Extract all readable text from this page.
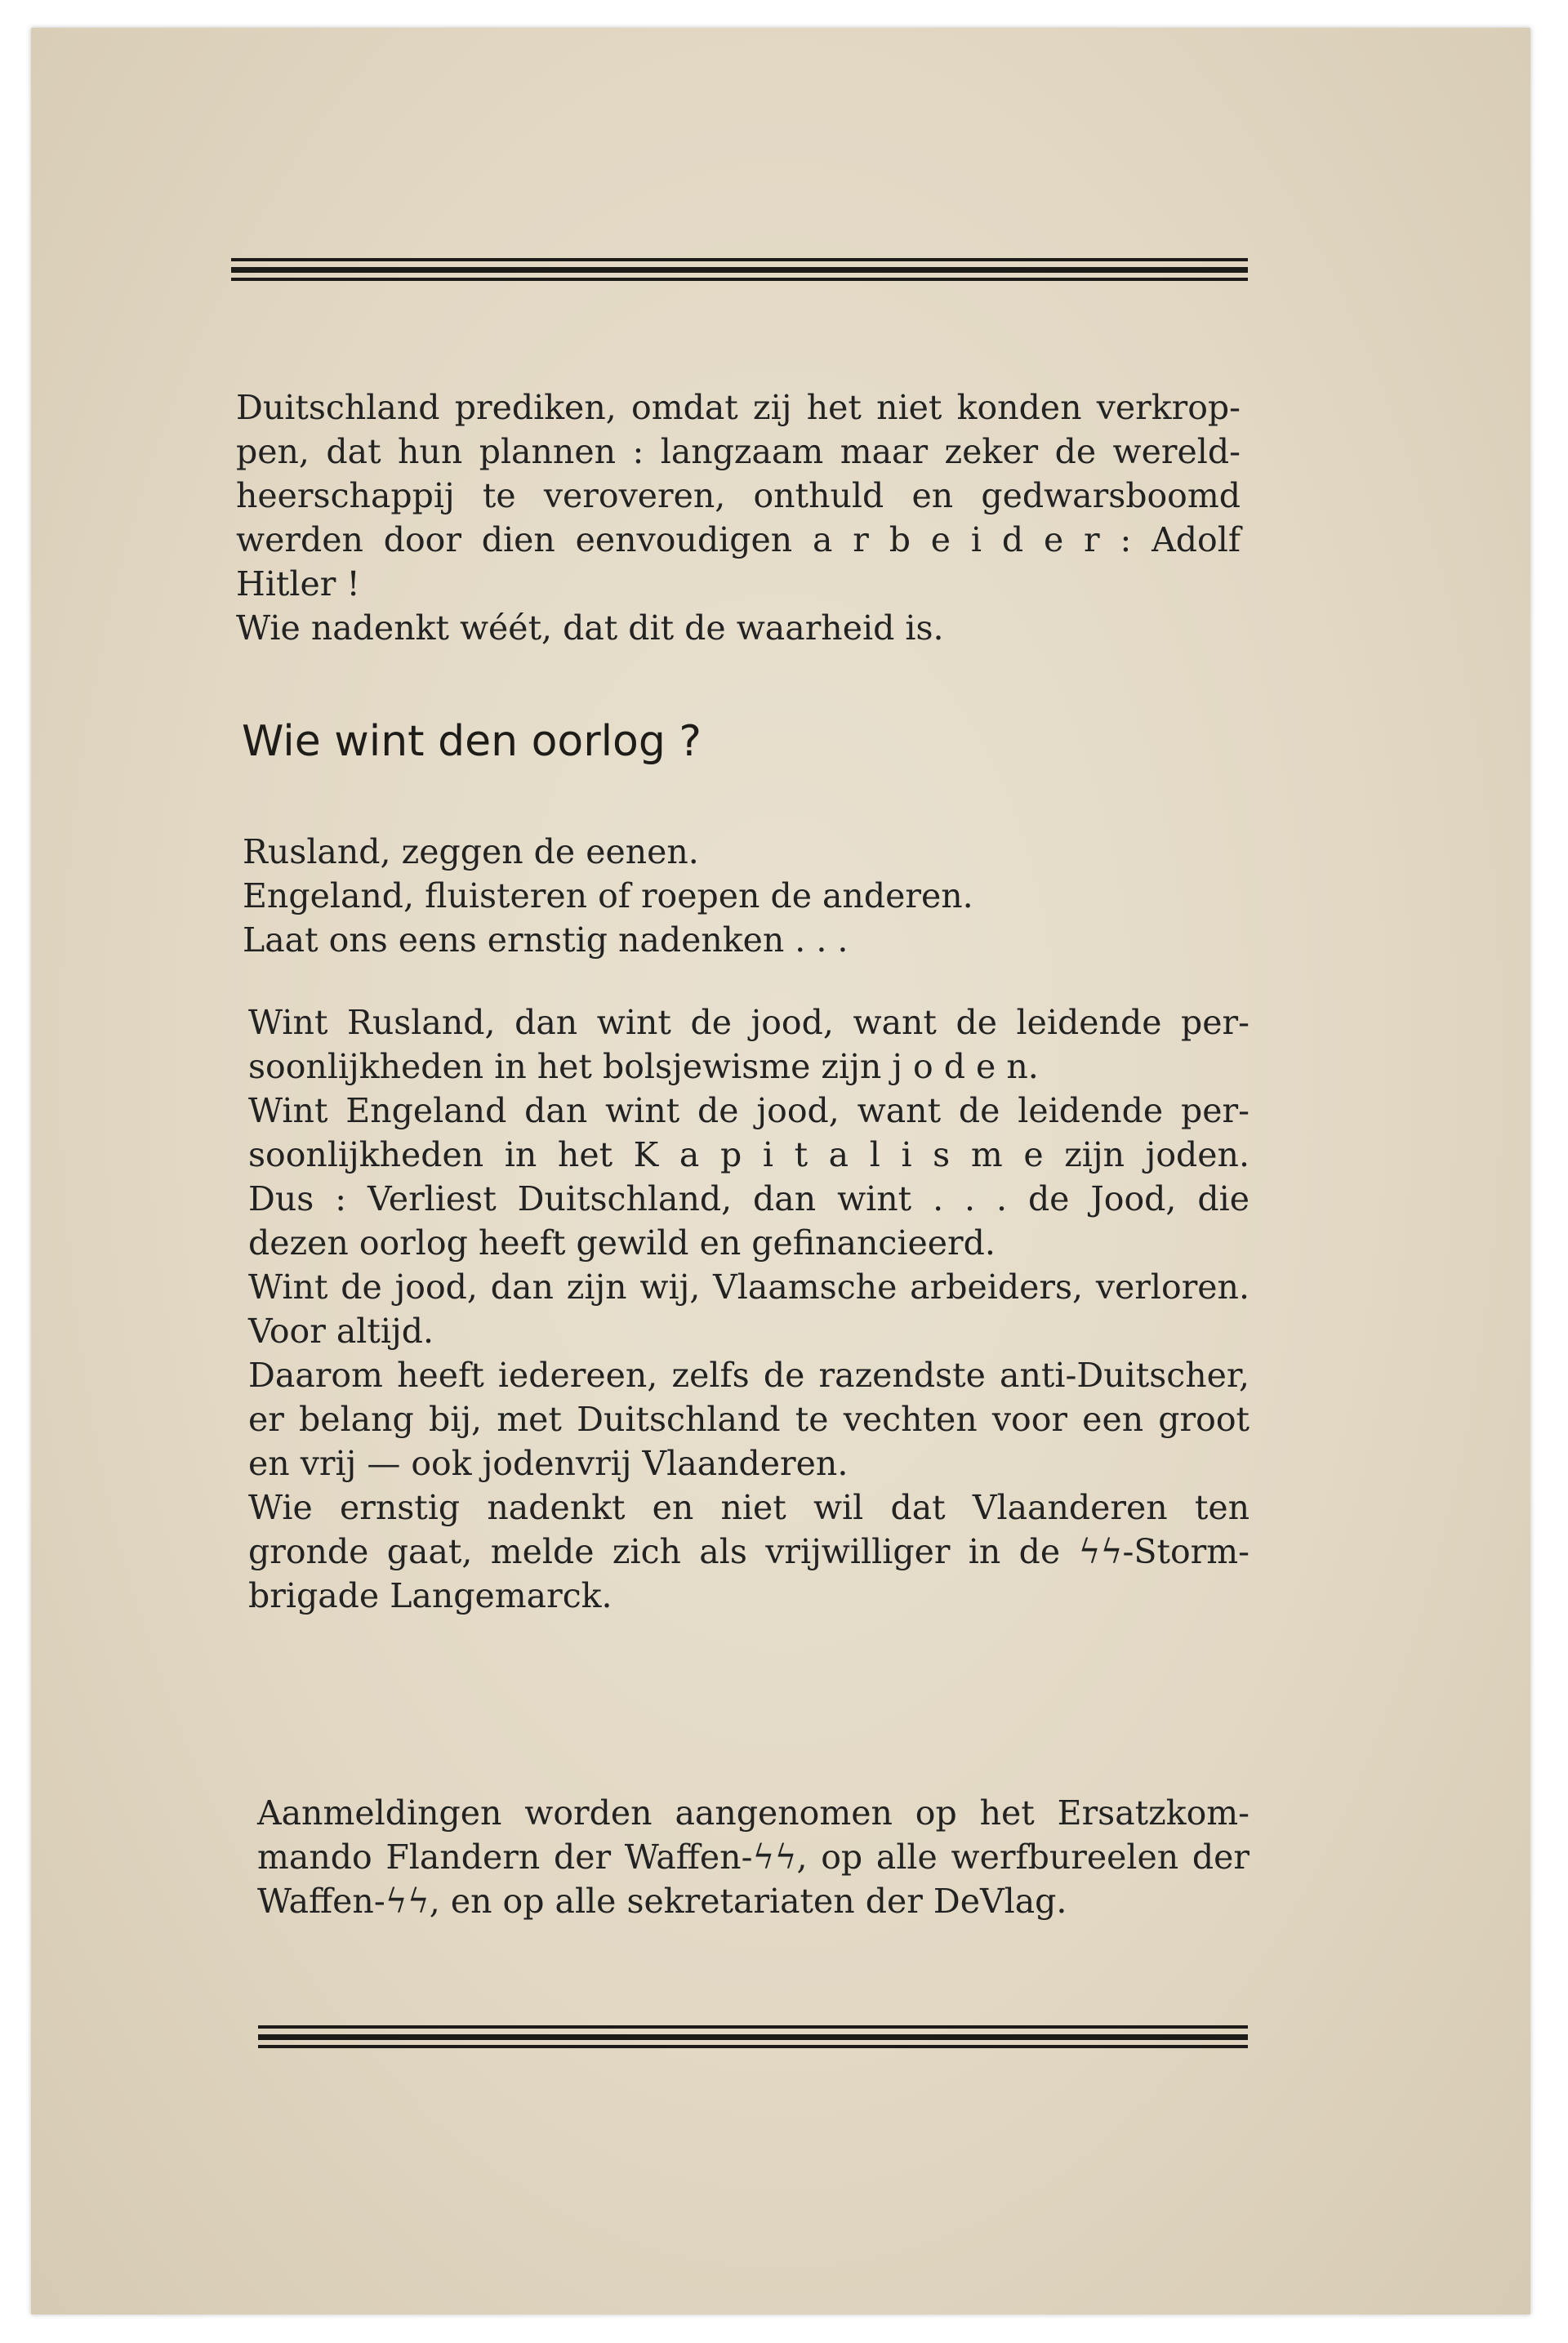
Duitschland prediken, omdat zij het niet konden verkrop-

pen, dat hun plannen : langzaam maar zeker de wereld-

heerschappij te veroveren, onthuld en gedwarsboomd

werden door dien eenvoudigen a r b e i d e r : Adolf

Hitler !

Wie nadenkt wéét, dat dit de waarheid is.

Wie wint den oorlog ?

Rusland, zeggen de eenen.

Engeland, fluisteren of roepen de anderen.

Laat ons eens ernstig nadenken . . .

Wint Rusland, dan wint de jood, want de leidende per-

soonlijkheden in het bolsjewisme zijn j o d e n.

Wint Engeland dan wint de jood, want de leidende per-

soonlijkheden in het K a p i t a l i s m e zijn joden.

Dus : Verliest Duitschland, dan wint . . . de Jood, die

dezen oorlog heeft gewild en gefinancieerd.

Wint de jood, dan zijn wij, Vlaamsche arbeiders, verloren.

Voor altijd.

Daarom heeft iedereen, zelfs de razendste anti-Duitscher,

er belang bij, met Duitschland te vechten voor een groot

en vrij — ook jodenvrij Vlaanderen.

Wie ernstig nadenkt en niet wil dat Vlaanderen ten

gronde gaat, melde zich als vrijwilliger in de ϟϟ-Storm-

brigade Langemarck.

Aanmeldingen worden aangenomen op het Ersatzkom-

mando Flandern der Waffen-ϟϟ, op alle werfbureelen der

Waffen-ϟϟ, en op alle sekretariaten der DeVlag.
